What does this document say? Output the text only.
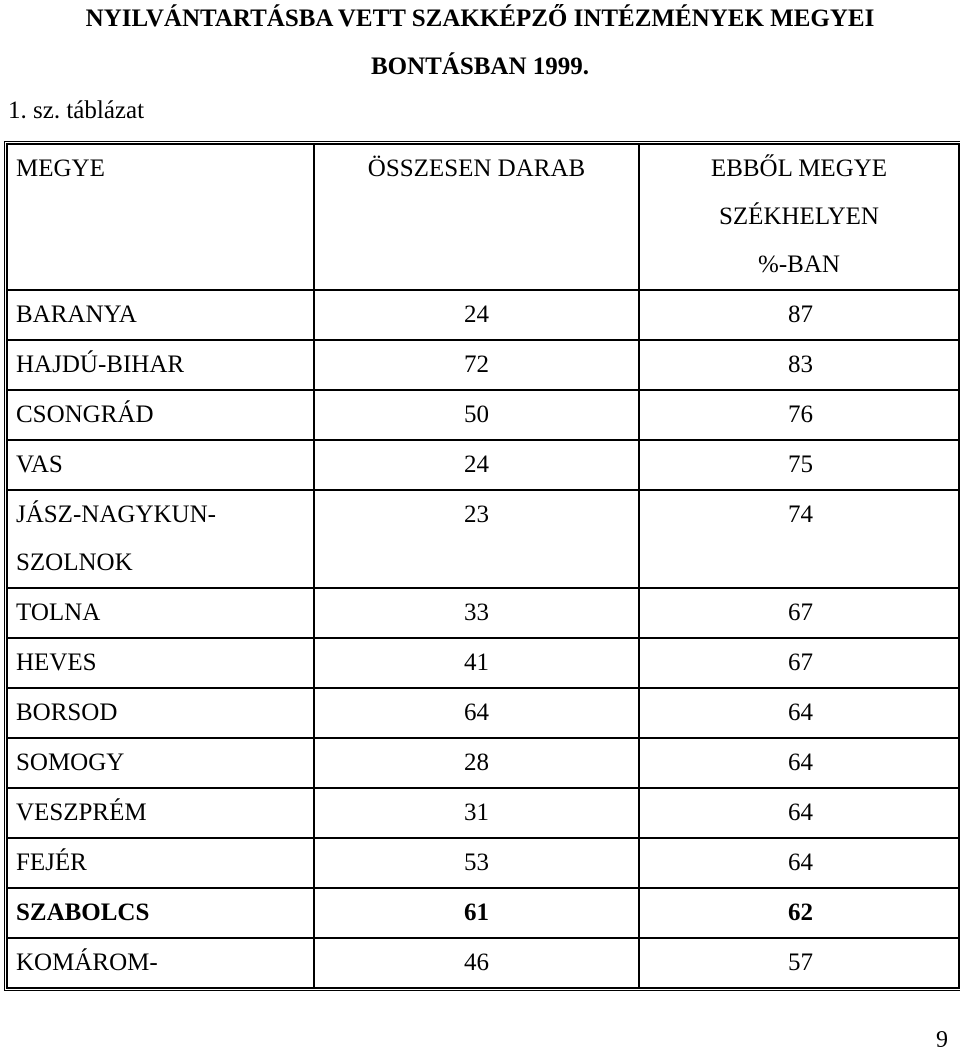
NYILVÁNTARTÁSBA VETT SZAKKÉPZŐ INTÉZMÉNYEK MEGYEI
BONTÁSBAN 1999.
1. sz. táblázat
MEGYE	ÖSSZESEN DARAB	EBBŐL MEGYE
SZÉKHELYEN
%-BAN

BARANYA	24	87
HAJDÚ-BIHAR	72	83
CSONGRÁD	50	76
VAS	24	75

JÁSZ-NAGYKUN-
SZOLNOK	23	74
TOLNA	33	67
HEVES	41	67
BORSOD	64	64
SOMOGY	28	64
VESZPRÉM	31	64
FEJÉR	53	64
SZABOLCS	61	62
KOMÁROM-	46	57
9
